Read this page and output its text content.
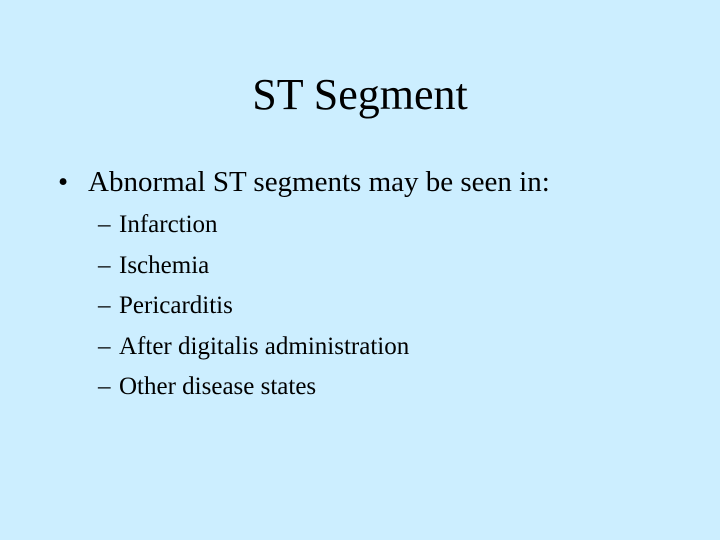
ST Segment
• Abnormal ST segments may be seen in:
– Infarction
– Ischemia
– Pericarditis
– After digitalis administration
– Other disease states
